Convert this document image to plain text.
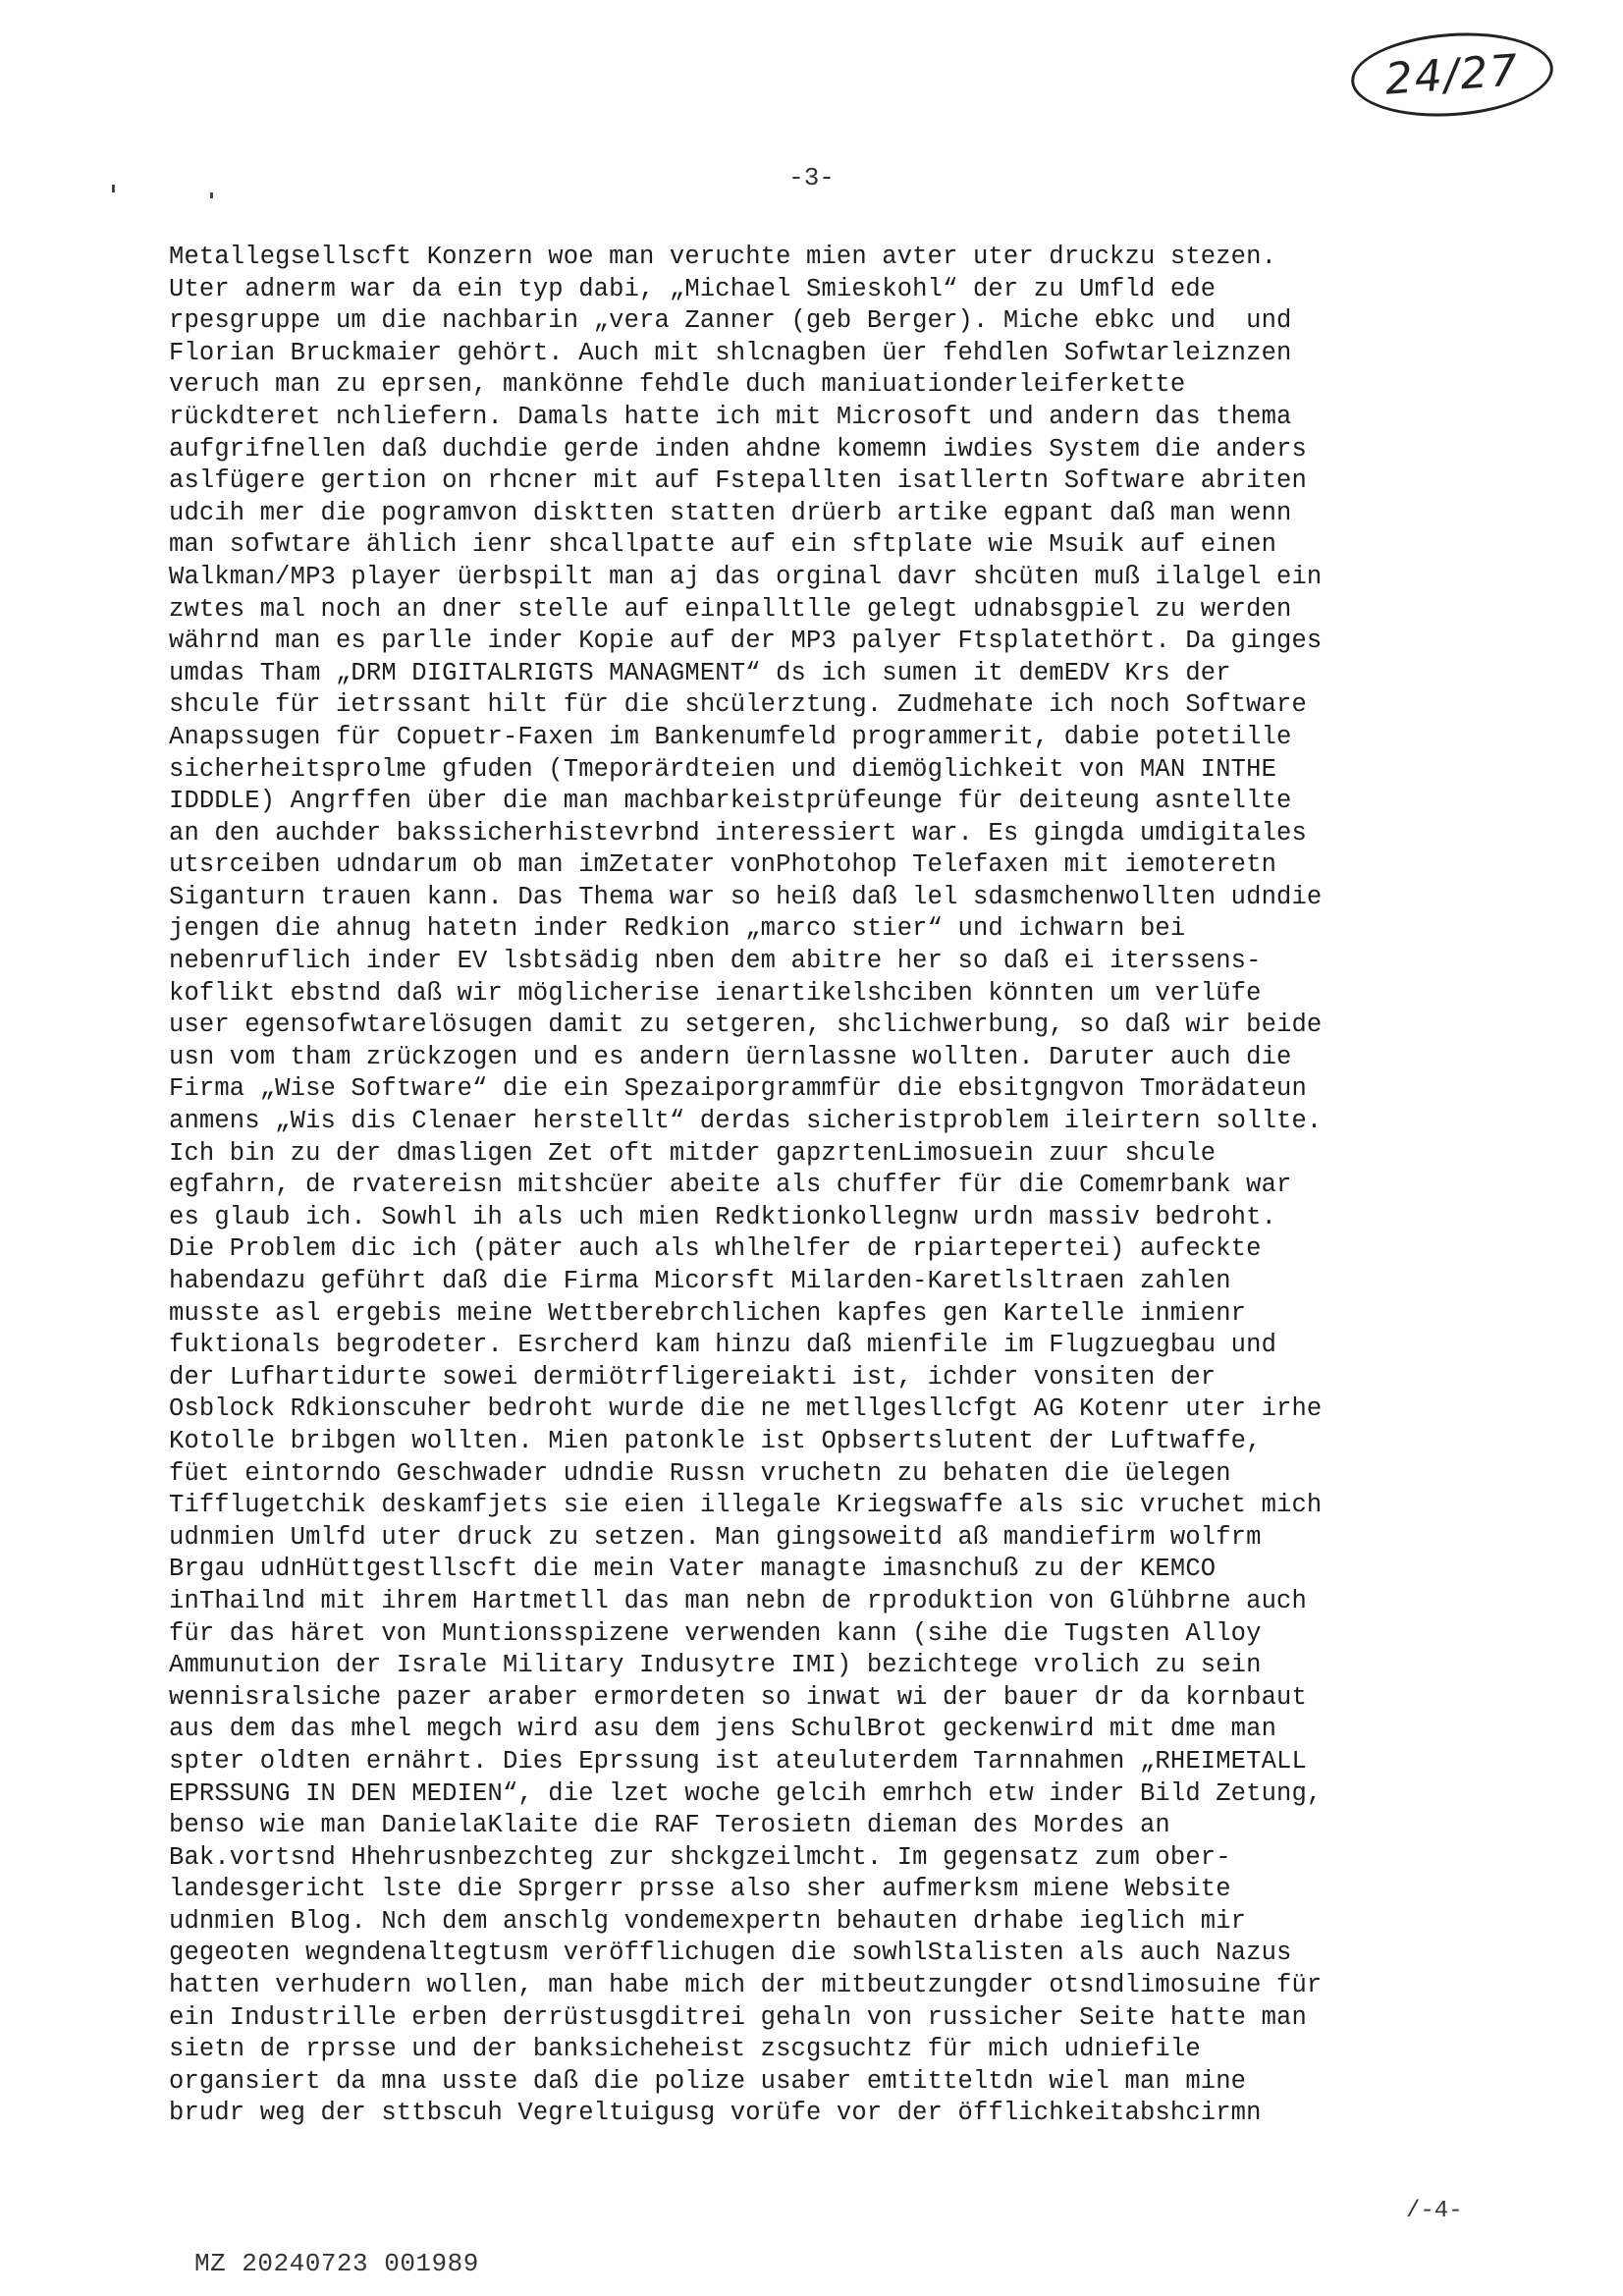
24/27
-3-
Metallegsellscft Konzern woe man veruchte mien avter uter druckzu stezen.
Uter adnerm war da ein typ dabi, „Michael Smieskohl“ der zu Umfld ede
rpesgruppe um die nachbarin „vera Zanner (geb Berger). Miche ebkc und  und
Florian Bruckmaier gehört. Auch mit shlcnagben üer fehdlen Sofwtarleiznzen
veruch man zu eprsen, mankönne fehdle duch maniuationderleiferkette
rückdteret nchliefern. Damals hatte ich mit Microsoft und andern das thema
aufgrifnellen daß duchdie gerde inden ahdne komemn iwdies System die anders
aslfügere gertion on rhcner mit auf Fstepallten isatllertn Software abriten
udcih mer die pogramvon disktten statten drüerb artike egpant daß man wenn
man sofwtare ählich ienr shcallpatte auf ein sftplate wie Msuik auf einen
Walkman/MP3 player üerbspilt man aj das orginal davr shcüten muß ilalgel ein
zwtes mal noch an dner stelle auf einpalltlle gelegt udnabsgpiel zu werden
währnd man es parlle inder Kopie auf der MP3 palyer Ftsplatethört. Da ginges
umdas Tham „DRM DIGITALRIGTS MANAGMENT“ ds ich sumen it demEDV Krs der
shcule für ietrssant hilt für die shcülerztung. Zudmehate ich noch Software
Anapssugen für Copuetr-Faxen im Bankenumfeld programmerit, dabie potetille
sicherheitsprolme gfuden (Tmeporärdteien und diemöglichkeit von MAN INTHE
IDDDLE) Angrffen über die man machbarkeistprüfeunge für deiteung asntellte
an den auchder bakssicherhistevrbnd interessiert war. Es gingda umdigitales
utsrceiben udndarum ob man imZetater vonPhotohop Telefaxen mit iemoteretn
Siganturn trauen kann. Das Thema war so heiß daß lel sdasmchenwollten udndie
jengen die ahnug hatetn inder Redkion „marco stier“ und ichwarn bei
nebenruflich inder EV lsbtsädig nben dem abitre her so daß ei iterssens-
koflikt ebstnd daß wir möglicherise ienartikelshciben könnten um verlüfe
user egensofwtarelösugen damit zu setgeren, shclichwerbung, so daß wir beide
usn vom tham zrückzogen und es andern üernlassne wollten. Daruter auch die
Firma „Wise Software“ die ein Spezaiporgrammfür die ebsitgngvon Tmorädateun
anmens „Wis dis Clenaer herstellt“ derdas sicheristproblem ileirtern sollte.
Ich bin zu der dmasligen Zet oft mitder gapzrtenLimosuein zuur shcule
egfahrn, de rvatereisn mitshcüer abeite als chuffer für die Comemrbank war
es glaub ich. Sowhl ih als uch mien Redktionkollegnw urdn massiv bedroht.
Die Problem dic ich (päter auch als whlhelfer de rpiartepertei) aufeckte
habendazu geführt daß die Firma Micorsft Milarden-Karetlsltraen zahlen
musste asl ergebis meine Wettberebrchlichen kapfes gen Kartelle inmienr
fuktionals begrodeter. Esrcherd kam hinzu daß mienfile im Flugzuegbau und
der Lufhartidurte sowei dermiötrfligereiakti ist, ichder vonsiten der
Osblock Rdkionscuher bedroht wurde die ne metllgesllcfgt AG Kotenr uter irhe
Kotolle bribgen wollten. Mien patonkle ist Opbsertslutent der Luftwaffe,
füet eintorndo Geschwader udndie Russn vruchetn zu behaten die üelegen
Tifflugetchik deskamfjets sie eien illegale Kriegswaffe als sic vruchet mich
udnmien Umlfd uter druck zu setzen. Man gingsoweitd aß mandiefirm wolfrm
Brgau udnHüttgestllscft die mein Vater managte imasnchuß zu der KEMCO
inThailnd mit ihrem Hartmetll das man nebn de rproduktion von Glühbrne auch
für das häret von Muntionsspizene verwenden kann (sihe die Tugsten Alloy
Ammunution der Israle Military Indusytre IMI) bezichtege vrolich zu sein
wennisralsiche pazer araber ermordeten so inwat wi der bauer dr da kornbaut
aus dem das mhel megch wird asu dem jens SchulBrot geckenwird mit dme man
spter oldten ernährt. Dies Eprssung ist ateuluterdem Tarnnahmen „RHEIMETALL
EPRSSUNG IN DEN MEDIEN“, die lzet woche gelcih emrhch etw inder Bild Zetung,
benso wie man DanielaKlaite die RAF Terosietn dieman des Mordes an
Bak.vortsnd Hhehrusnbezchteg zur shckgzeilmcht. Im gegensatz zum ober-
landesgericht lste die Sprgerr prsse also sher aufmerksm miene Website
udnmien Blog. Nch dem anschlg vondemexpertn behauten drhabe ieglich mir
gegeoten wegndenaltegtusm veröfflichugen die sowhlStalisten als auch Nazus
hatten verhudern wollen, man habe mich der mitbeutzungder otsndlimosuine für
ein Industrille erben derrüstusgditrei gehaln von russicher Seite hatte man
sietn de rprsse und der banksicheheist zscgsuchtz für mich udniefile
organsiert da mna usste daß die polize usaber emtitteltdn wiel man mine
brudr weg der sttbscuh Vegreltuigusg vorüfe vor der öfflichkeitabshcirmn
/-4-
MZ 20240723 001989
